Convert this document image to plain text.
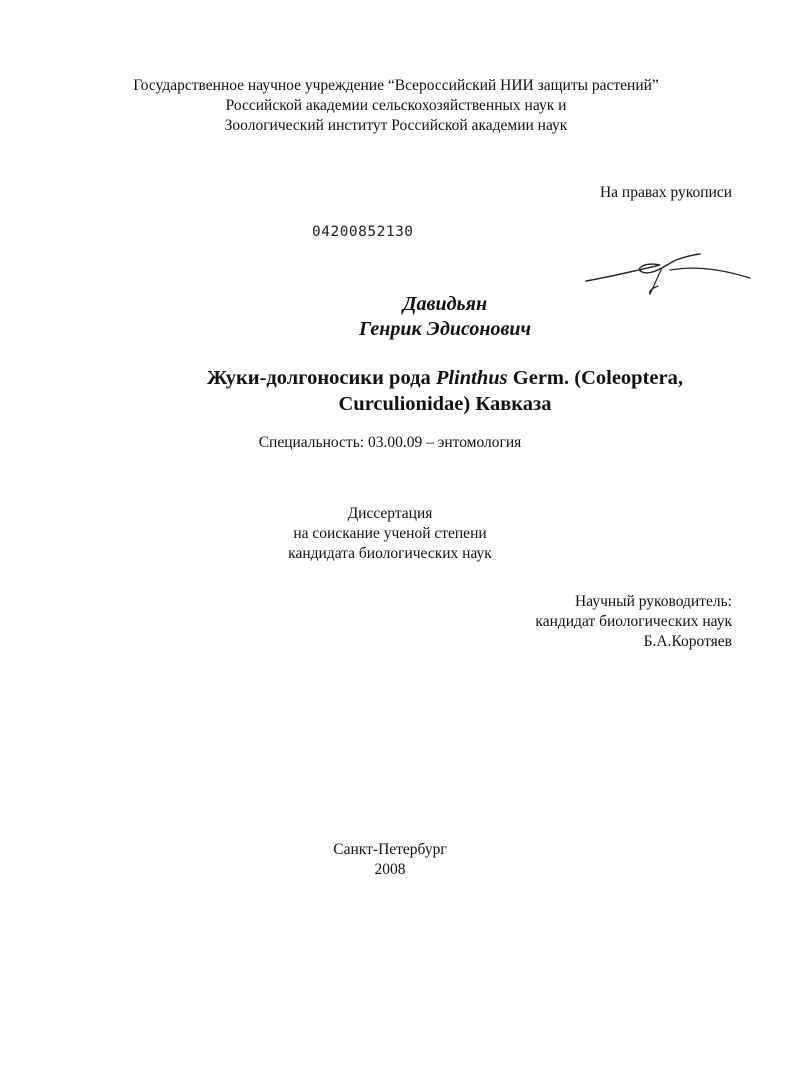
Государственное научное учреждение “Всероссийский НИИ защиты растений”
Российской академии сельскохозяйственных наук и
Зоологический институт Российской академии наук
На правах рукописи
04200852130
Давидьян
Генрик Эдисонович
Жуки-долгоносики рода Plinthus Germ. (Coleoptera,
Curculionidae) Кавказа
Специальность: 03.00.09 – энтомология
Диссертация
на соискание ученой степени
кандидата биологических наук
Научный руководитель:
кандидат биологических наук
Б.А.Коротяев
Санкт-Петербург
2008
